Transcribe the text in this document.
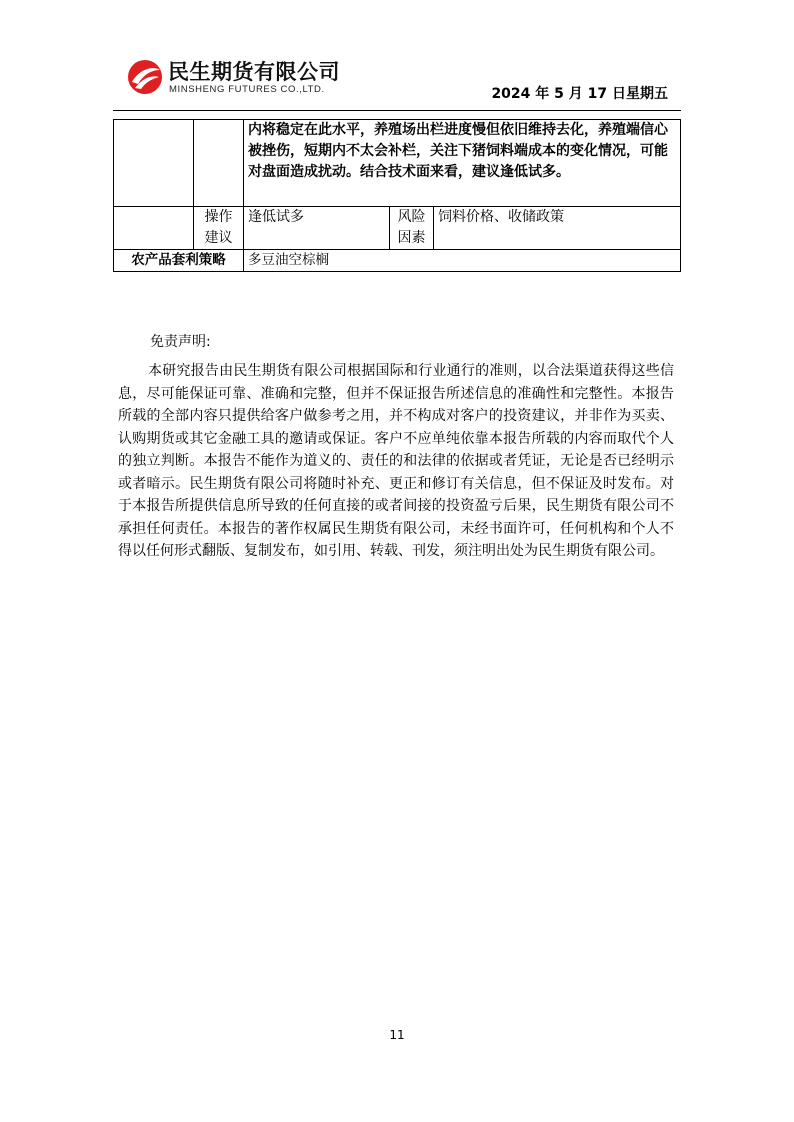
民生期货有限公司
MINSHENG FUTURES CO.,LTD.	2024 年 5 月 17 日星期五
		内将稳定在此水平，养殖场出栏进度慢但依旧维持去化，养殖端信心被挫伤，短期内不太会补栏，关注下猪饲料端成本的变化情况，可能对盘面造成扰动。结合技术面来看，建议逢低试多。		
	操作建议	逢低试多	风险因素	饲料价格、收储政策
农产品套利策略		多豆油空棕榈		
免责声明:
本研究报告由民生期货有限公司根据国际和行业通行的准则，以合法渠道获得这些信息，尽可能保证可靠、准确和完整，但并不保证报告所述信息的准确性和完整性。本报告所载的全部内容只提供给客户做参考之用，并不构成对客户的投资建议，并非作为买卖、认购期货或其它金融工具的邀请或保证。客户不应单纯依靠本报告所载的内容而取代个人的独立判断。本报告不能作为道义的、责任的和法律的依据或者凭证，无论是否已经明示或者暗示。民生期货有限公司将随时补充、更正和修订有关信息，但不保证及时发布。对于本报告所提供信息所导致的任何直接的或者间接的投资盈亏后果，民生期货有限公司不承担任何责任。本报告的著作权属民生期货有限公司，未经书面许可，任何机构和个人不得以任何形式翻版、复制发布，如引用、转载、刊发，须注明出处为民生期货有限公司。
11
